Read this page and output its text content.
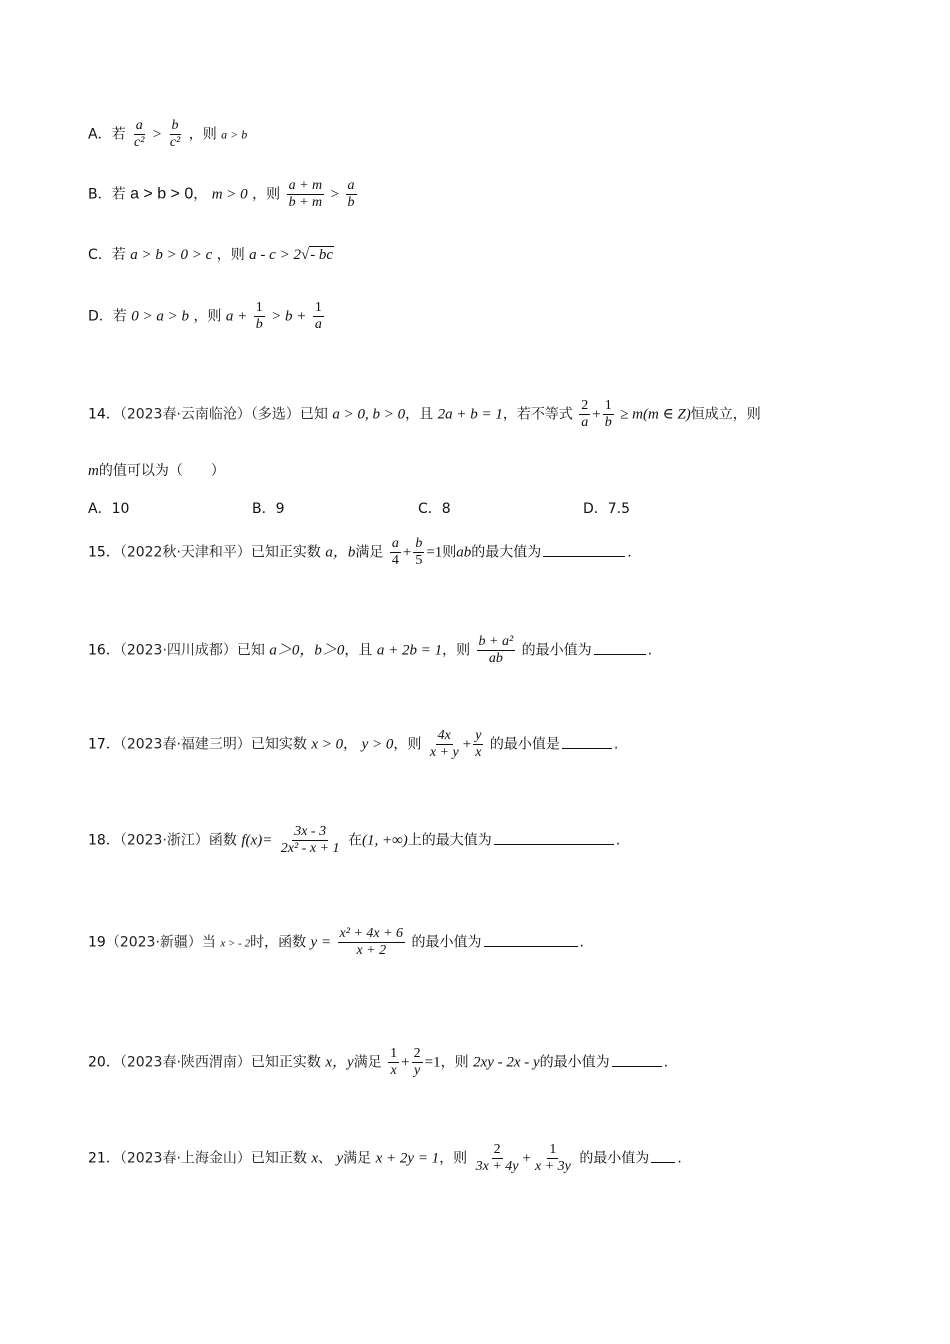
A．若 $\frac{a}{\text{c²}} > \frac{b}{\text{c²}}$ ，则 a > b
B．若 a > b > 0， m > 0 ，则 $\frac{a + m}{b + m} > \frac{a}{b}$
C．若 a > b > 0 > c ，则 a - c > 2√- bc
D．若 0 > a > b ，则 $a + \frac{1}{b} > b + \frac{1}{a}$
14．（2023春·云南临沧）（多选）已知 a > 0, b > 0，且 2a + b = 1，若不等式 $\frac{2}{a} + \frac{1}{b} \ge m(m$ ∈ Z)恒成立，则
m的值可以为（　　）
A．10	B．9	C．8	D．7.5
15．（2022秋·天津和平）已知正实数 a，b满足 $\frac{a}{4} + \frac{b}{5} =1$则ab的最大值为	.
16．（2023·四川成都）已知 a＞0，b＞0，且 a + 2b = 1，则 $\frac{\text{b + a²}}{ab}$ 的最小值为	.
17．（2023春·福建三明）已知实数 x > 0， y > 0，则 $\frac{4x}{x + y} + \frac{y}{x}$ 的最小值是	.
18．（2023·浙江）函数 $f(x)= \frac{3x - 3}{\text{2x² - x + 1}}$ 在(1, +∞)上的最大值为	.
19（2023·新疆）当 x > - 2时，函数 $y = \frac{\text{x² + 4x + 6}}{x + 2}$ 的最小值为	.
20．（2023春·陕西渭南）已知正实数 x，y满足 $\frac{1}{x} + \frac{2}{y} =1$，则 2xy - 2x - y的最小值为	.
21．（2023春·上海金山）已知正数 x、 y满足 x + 2y = 1，则 $\frac{2}{3x + 4y} + \frac{1}{x + 3y}$ 的最小值为 .
